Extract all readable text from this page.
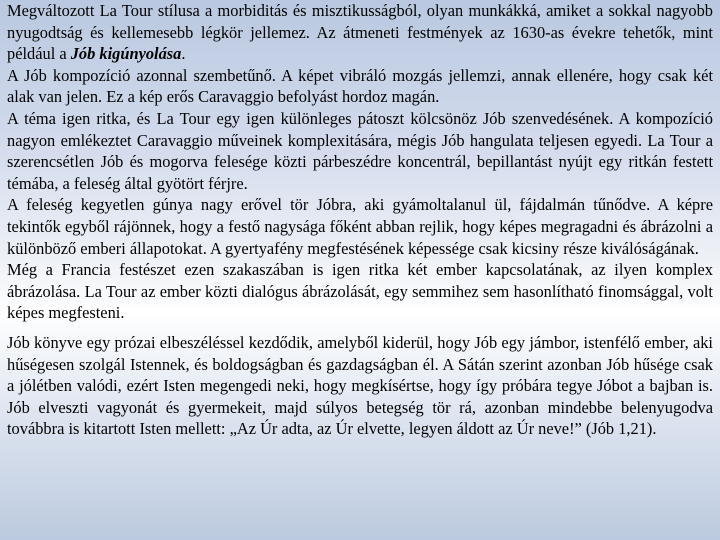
Megváltozott La Tour stílusa a morbiditás és misztikusságból, olyan munkákká, amiket a sokkal nagyobb nyugodtság és kellemesebb légkör jellemez. Az átmeneti festmények az 1630-as évekre tehetők, mint például a Jób kigúnyolása.

A Jób kompozíció azonnal szembetűnő. A képet vibráló mozgás jellemzi, annak ellenére, hogy csak két alak van jelen. Ez a kép erős Caravaggio befolyást hordoz magán.

A téma igen ritka, és La Tour egy igen különleges pátoszt kölcsönöz Jób szenvedésének. A kompozíció nagyon emlékeztet Caravaggio műveinek komplexitására, mégis Jób hangulata teljesen egyedi. La Tour a szerencsétlen Jób és mogorva felesége közti párbeszédre koncentrál, bepillantást nyújt egy ritkán festett témába, a feleség által gyötört férjre.

A feleség kegyetlen gúnya nagy erővel tör Jóbra, aki gyámoltalanul ül, fájdalmán tűnődve. A képre tekintők egyből rájönnek, hogy a festő nagysága főként abban rejlik, hogy képes megragadni és ábrázolni a különböző emberi állapotokat. A gyertyafény megfestésének képessége csak kicsiny része kiválóságának.

Még a Francia festészet ezen szakaszában is igen ritka két ember kapcsolatának, az ilyen komplex ábrázolása. La Tour az ember közti dialógus ábrázolását, egy semmihez sem hasonlítható finomsággal, volt képes megfesteni.

Jób könyve egy prózai elbeszéléssel kezdődik, amelyből kiderül, hogy Jób egy jámbor, istenfélő ember, aki hűségesen szolgál Istennek, és boldogságban és gazdagságban él. A Sátán szerint azonban Jób hűsége csak a jólétben valódi, ezért Isten megengedi neki, hogy megkísértse, hogy így próbára tegye Jóbot a bajban is. Jób elveszti vagyonát és gyermekeit, majd súlyos betegség tör rá, azonban mindebbe belenyugodva továbbra is kitartott Isten mellett: „Az Úr adta, az Úr elvette, legyen áldott az Úr neve!” (Jób 1,21).
